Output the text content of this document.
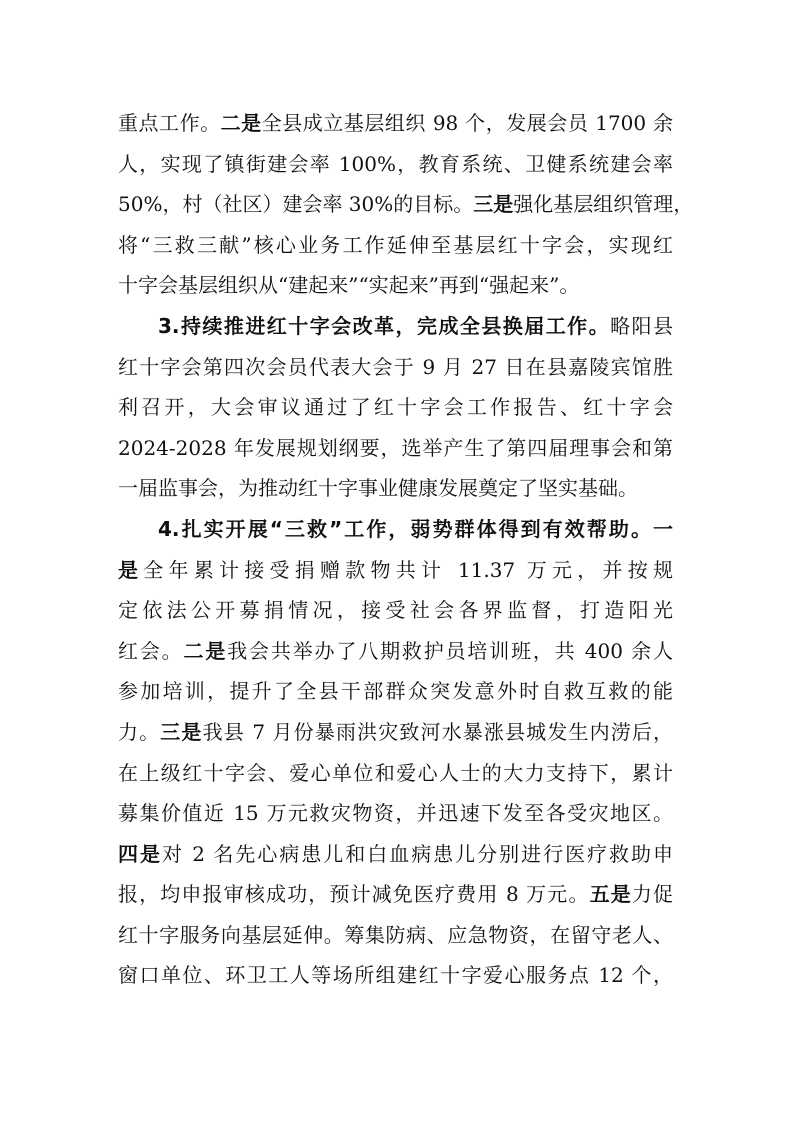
重点工作。二是全县成立基层组织 98 个，发展会员 1700 余
人，实现了镇街建会率 100%，教育系统、卫健系统建会率
50%，村（社区）建会率 30%的目标。三是强化基层组织管理，
将“三救三献”核心业务工作延伸至基层红十字会，实现红
十字会基层组织从“建起来”“实起来”再到“强起来”。
3.持续推进红十字会改革，完成全县换届工作。略阳县
红十字会第四次会员代表大会于 9 月 27 日在县嘉陵宾馆胜
利召开，大会审议通过了红十字会工作报告、红十字会
2024-2028 年发展规划纲要，选举产生了第四届理事会和第
一届监事会，为推动红十字事业健康发展奠定了坚实基础。
4.扎实开展“三救”工作，弱势群体得到有效帮助。一
是全年累计接受捐赠款物共计 11.37 万元，并按规
定依法公开募捐情况，接受社会各界监督，打造阳光
红会。二是我会共举办了八期救护员培训班，共 400 余人
参加培训，提升了全县干部群众突发意外时自救互救的能
力。三是我县 7 月份暴雨洪灾致河水暴涨县城发生内涝后，
在上级红十字会、爱心单位和爱心人士的大力支持下，累计
募集价值近 15 万元救灾物资，并迅速下发至各受灾地区。
四是对 2 名先心病患儿和白血病患儿分别进行医疗救助申
报，均申报审核成功，预计减免医疗费用 8 万元。五是力促
红十字服务向基层延伸。筹集防病、应急物资，在留守老人、
窗口单位、环卫工人等场所组建红十字爱心服务点 12 个，
